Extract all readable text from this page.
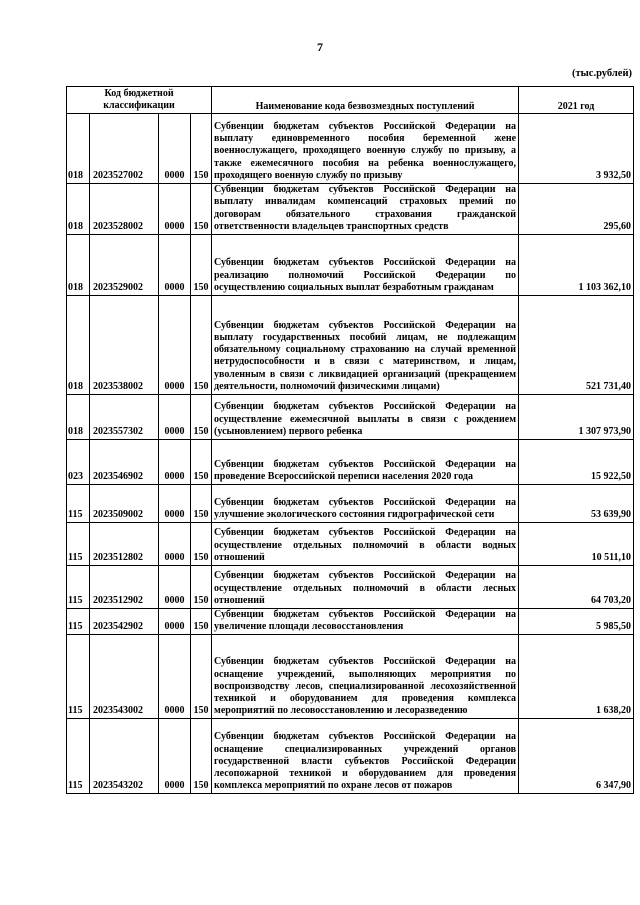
7
(тыс.рублей)
Код бюджетной классификации				Наименование кода безвозмездных поступлений	2021 год
018	2023527002	0000	150	Субвенции бюджетам субъектов Российской Федерации на выплату единовременного пособия беременной жене военнослужащего, проходящего военную службу по призыву, а также ежемесячного пособия на ребенка военнослужащего, проходящего военную службу по призыву	3 932,50
018	2023528002	0000	150	Субвенции бюджетам субъектов Российской Федерации на выплату инвалидам компенсаций страховых премий по договорам обязательного страхования гражданской ответственности владельцев транспортных средств	295,60
018	2023529002	0000	150	Субвенции бюджетам субъектов Российской Федерации на реализацию полномочий Российской Федерации по осуществлению социальных выплат безработным гражданам	1 103 362,10
018	2023538002	0000	150	Субвенции бюджетам субъектов Российской Федерации на выплату государственных пособий лицам, не подлежащим обязательному социальному страхованию на случай временной нетрудоспособности и в связи с материнством, и лицам, уволенным в связи с ликвидацией организаций (прекращением деятельности, полномочий физическими лицами)	521 731,40
018	2023557302	0000	150	Субвенции бюджетам субъектов Российской Федерации на осуществление ежемесячной выплаты в связи с рождением (усыновлением) первого ребенка	1 307 973,90
023	2023546902	0000	150	Субвенции бюджетам субъектов Российской Федерации на проведение Всероссийской переписи населения 2020 года	15 922,50
115	2023509002	0000	150	Субвенции бюджетам субъектов Российской Федерации на улучшение экологического состояния гидрографической сети	53 639,90
115	2023512802	0000	150	Субвенции бюджетам субъектов Российской Федерации на осуществление отдельных полномочий в области водных отношений	10 511,10
115	2023512902	0000	150	Субвенции бюджетам субъектов Российской Федерации на осуществление отдельных полномочий в области лесных отношений	64 703,20
115	2023542902	0000	150	Субвенции бюджетам субъектов Российской Федерации на увеличение площади лесовосстановления	5 985,50
115	2023543002	0000	150	Субвенции бюджетам субъектов Российской Федерации на оснащение учреждений, выполняющих мероприятия по воспроизводству лесов, специализированной лесохозяйственной техникой и оборудованием для проведения комплекса мероприятий по лесовосстановлению и лесоразведению	1 638,20
115	2023543202	0000	150	Субвенции бюджетам субъектов Российской Федерации на оснащение специализированных учреждений органов государственной власти субъектов Российской Федерации лесопожарной техникой и оборудованием для проведения комплекса мероприятий по охране лесов от пожаров	6 347,90
